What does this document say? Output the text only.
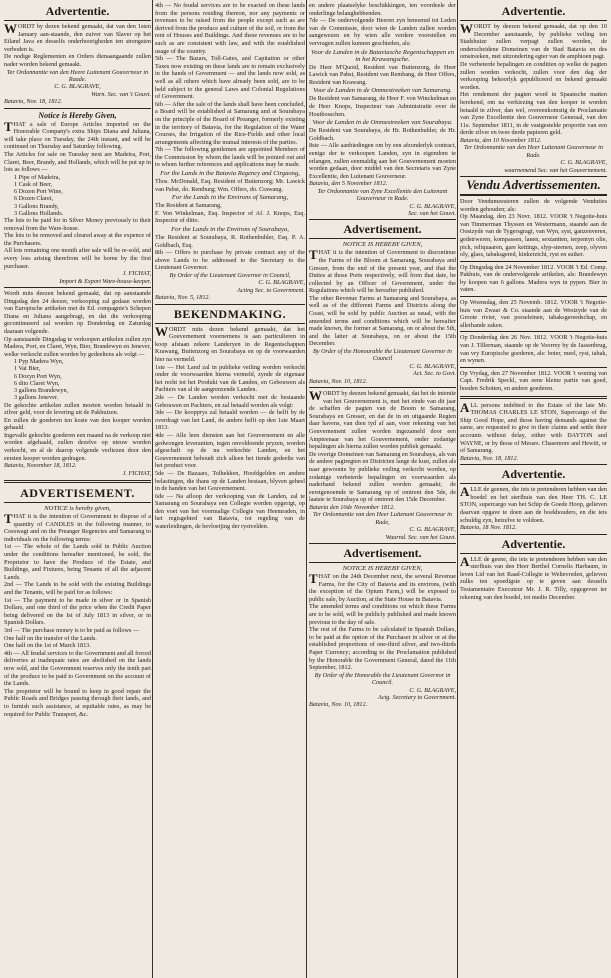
Advertentie.

WORDT by dezen bekend gemaakt, dat van den 1sten January aan-staande, den zuiver van Slaver op het Eiland Java en desselfs onderhoorigheden ten strengsten verboden is.

De nodige Reglementen en Orders dienaangaande zullen nader worden bekend gemaakt.

Ter Ordonnantie van den Heere Luitenant Gouverneur in Raade.
C. G. BLAGRAVE,
Warn. Sec. van 't Gouvt.
Batavia, Nov. 18, 1812.
Notice is Hereby Given,

THAT a sale of Europe Articles imported on the Honorable Company's extra Ships Diana and Juliana, will take place on Tuesday, the 24th instant, and will be continued on Thursday and Saturday following.

The Articles for sale on Tuesday next are Madeira, Port, Claret, Beer, Brandy, and Hollands, which will be put up in lots as follows —

1 Pipe of Madeira,
1 Cask of Beer,
6 Dozen Port Wine,
6 Dozen Claret,
3 Gallons Brandy,
3 Gallons Hollands.

The lots to be paid for in Silver Money previously to their removal from the Ware-house.

The lots to be removed and cleared away at the expence of the Purchasers.

All lots remaining one month after sale will be re-sold, and every loss arising therefrom will be borne by the first purchaser.

J. FICHAT,
Import & Export Ware-house-keeper.

Wordt mits deezen bekend gemaakt, dat op aanstaande Dingsdag den 24 deezer, verkooping zal gedaan worden van Europische artikelen met de Ed. compagnie's Schepen Diana en Juliana aangebragt, en dat die verkooping gecontinueerd zal worden op Donderdag en Zaturdag daaraan volgende.

Op aanstaande Dingsdag te verkoopen artikelen zullen zyn Madera, Port, en Claret, Wyn, Bier, Brandewyn en Jenever, welke verkocht zullen worden by gedeeltens als volgt —

1 Pyp Madera Wyn,
1 Vat Bier,
6 Dozyn Port Wyn,
6 dito Claret Wyn,
3 gallons Brandewyn,
3 gallons Jenever.

De gekochte artikelen zullen moeten worden betaald in zilver geld, voor de levering uit de Pakhuizen.

En zullen de goederen ten koste van den kooper worden gehaald.

Ingevalle gekochte goederen een maand na de verkoop niet worden afgehaald, zullen dezelve op nieuw worden verkocht, en al de daarop volgende verliezen door den eersten kooper worden gedragen.

Batavia, November 18, 1812.
J. FICHAT,
ADVERTISEMENT.
NOTICE is hereby given,

THAT it is the intention of Government to dispose of a quantity of CANDLES in the following manner, to Coeswagt and on the Preanger Regencies and Samarang to individuals on the following terms:

1st — The whole of the Lands sold in Public Auction under the conditions hereafter mentioned, be sold, the Proprietor to have the Produce of the Estate, and Buildings, and Fixtures, being Tenants of all the adjacent Lands.

2nd — The Lands to be sold with the existing Buildings and the Tenants, will be paid for as follows:

1st — The payment to be made in silver or in Spanish Dollars, and one third of the price when the Credit Paper being delivered on the Ist of July 1813 in silver, or in Spanish Dollars.

3rd — The purchase money is to be paid as follows —

One half on the transfer of the Lands.

One half on the 1st of March 1813.

4th — All feudal services to the Government and all forced deliveries at inadequate rates are abolished on the lands now sold, and the Government reserves only the tenth part of the produce to be paid to Government on the account of the Lands.

The proprietor will be bound to keep in good repair the Public Roads and Bridges passing through their lands, and to furnish such assistance, at equitable rates, as may be required for Public Transport, &c.

4th — No feudal services are to be exacted on these lands from the persons residing thereon, nor any payments or revenues to be raised from the people except such as are derived from the produce and culture of the soil, or from the rent of Houses and Buildings. And these revenues are to be such as are consistent with law, and with the established usage of the country.

5th — The Bazars, Toll-Gates, and Capitation or other Taxes now existing on these lands are to remain exclusively in the hands of Government — and the lands now sold, as well as all others which have already been sold, are to be held subject to the general Laws and Colonial Regulations of Government.

6th — After the sale of the lands shall have been concluded, a Board will be established at Samarang and at Sourabaya on the principle of the Board of Preanger, formerly existing in the territory of Batavia, for the Regulation of the Water Courses, the Irrigation of the Rice-Fields and other local arrangements affecting the mutual interests of the parties.

7th — The following gentlemen are appointed Members of the Commission by whom the lands will be pointed out and to whom further references and applications may be made.

For the Lands in the Batavia Regency and Cirgaong,

Thos. McDonald, Esq. Resident of Buitenzorg; Mr. Lawick van Pabst, do. Rentburg; Wm. Offers, do. Crawang.

For the Lands in the Environs of Samarang,

The Resident at Samarang,

F. Von Winkelman, Esq. Inspector of Af. J. Knops, Esq. Inspector of ditto.

For the Lands in the Environs of Sourabaya,

The Resident at Sourabaya, R. Rothenbuhler, Esq. P. A. Goldbach, Esq.

8th — Offers to purchase by private contract any of the above Lands to be addressed to the Secretary to the Lieutenant Governor.

By Order of the Lieutenant Governor in Council,
C. G. BLAGRAVE,
Acting Sec. to Government.
Batavia, Nov. 5, 1812.
BEKENDMAKING.

WORDT mits dezen bekend gemaakt, dat het Gouvernement voornemens is aan particulieren in koop afstaan zekere Landeryen in de Regentschappen Krawang, Buitenzorg en Sourabaya en op de voorwaarden hier na vermeld.

1ste — Het Land zal in publieke veiling worden verkocht onder de voorwaarden hierna vermeld, zynde de eigenaar het recht tot het Produkt van de Landen, en Gebouwen als Pachters van al de aangrenzende Landen.

2de — De Landen worden verkocht met de bestaande Gebouwen en Pachters, en zal betaald worden als volgt:

3de — De koopprys zal betaald worden — de helft by de overdragt van het Land, de andere helft op den 1ste Maart 1813.

4de — Alle leen diensten aan het Gouvernement en alle gedwongen leverantien, tegen onvoldoende pryzen, worden afgeschaft op de nu verkochte Landen, en het Gouvernement behoudt zich alleen het tiende gedeelte van het product voor.

5de — De Bazaars, Tolhekken, Hoofdgelden en andere belastingen, die thans op de Landen bestaan, blyven geheel in de handen van het Gouvernement.

6de — Na afloop der verkooping van de Landen, zal te Samarang en Sourabaya een Collegie worden opgerigt, op den voet van het voormalige Collegie van Heemraden, in het regtsgebied van Batavia, tot regeling van de waterleidingen, de bevloeijing der rystvelden.

en andere plaatselyke beschikkingen, ten voordeele der onderlinge belanghebbenden.

7de — De ondervolgende Heeren zyn benoemd tot Leden van de Commissie, door wien de Landen zullen worden aangewezen en by wien alle verdere voorstellen en vervragen zullen kunnen geschieden, als:

Voor de Landen in de Bataviasche Regentschappen en in het Krawangsche.

De Heer M'Quoid, Resident van Buitenzorg, de Heer Lawick van Pabst, Resident van Rembang, de Heer Offers, Resident van Krawang.

Voor de Landen in de Ommestreeken van Samarang.

De Resident van Samarang, de Heer F. von Winckelman en de Heer Knops, Inspecteur van Administratie over de Houtbosschen.

Voor de Landen in de Ommestreeken van Sourabaya.

De Resident van Sourabaya, de Hr. Rothenbuhler, de Hr. Goldbach.

8ste — Alle aanbiedingen om by een afzonderlyk contract, eenige der te verkoopen Landen, zyn in eigendom te erlangen, zullen eenmaldig aan het Gouvernement moeten worden gedaan, door middel van den Secretaris van Zyne Excellentie, den Luitenant Gouverneur.

Batavia, den 5 November 1812.
Ter Ordonnantie van Zyne Excellentie den Luitenant Gouverneur in Rade.
C. G. BLAGRAVE,
Sec. van het Gouvt.
Advertisement.
NOTICE IS HEREBY GIVEN,

THAT it is the intention of Government to discontinue the Farms of the Bloom at Samarang, Sourabaya and Gresser, from the end of the present year, and that the Duties at those Ports respectively, will from that date, be collected by an Officer of Government, under the Regulations which will be hereafter published.

The other Revenue Farms at Samarang and Sourabaya, as well as of the different Farms and Districts along the Coast, will be sold by public Auction as usual, with the amended terms and conditions which will be hereafter made known, the former at Samarang, on or about the 5th, and the latter at Sourabaya, on or about the 15th December.

By Order of the Honourable the Lieutenant Governor in Council
C. G. BLAGRAVE,
Act. Sec. to Govt.
Batavia, Nov. 10, 1812.

WORDT by deezen bekend gemaakt, dat het de intentie van het Gouvernement is, met het einde van dit jaar de schaffen de pagten van de Boom te Samarang, Sourabaya en Gresser, en dat de in en uitgaande Regten daar havens, van dien tyd af aan, voor rekening van het Gouvernement zullen worden ingezameld door een Ampteenaar van het Gouvernement, onder zodanige bepalingen als hierna zullen worden publiek gemaakt.

De overige Domeinen van Samarang en Sourabaya, als van de andere pagtregten en Districten lange de kust, zullen als naar gewoonte by publieke veiling verkocht worden, op zodanige verbeterde bepalingen en voorwaarden als naderhand bekend zullen worden gemaakt; de eerstgenoemde te Samarang op of omtrent den 5de, de laatste te Sourabaya op of omtrent den 15de December.

Batavia den 10de November 1812.
Ter Ordonnantie van den Heer Luitenant Gouverneur in Rade,
C. G. BLAGRAVE,
Waarnd. Sec. van het Gouvt.
Advertisement.
NOTICE IS HEREBY GIVEN,

THAT on the 24th December next, the several Revenue Farms, for the City of Batavia and its environs, (with the exception of the Opium Farm,) will be exposed to public sale, by Auction, at the State House in Batavia.

The amended terms and conditions on which these Farms are to be sold, will be publicly published and made known previous to the day of sale.

The rest of the Farms to be calculated in Spanish Dollars, to be paid at the option of the Purchaser in silver or at the established proportions of one-third silver, and two-thirds Paper Currency; according to the Proclamation published by the Honorable the Government General, dated the 11th September, 1812.

By Order of the Honorable the Lieutenant Governor in Council.
C. G. BLAGRAVE,
Actg. Secretary to Government.
Batavia, Nov. 10, 1812.
Advertentie.

WORDT by deezen bekend gemaakt, dat op den 10 December aanstaande, by publieke veiling ten Stadshuize zullen verpagt zullen worden, de onderscheidene Domeinen van de Stad Batavia en des omstreeken, met uitzondering egter van de amphioen pagt.

De verbeterde bepalingen en conditien op welke de pagten zullen worden verkocht, zullen voor den dag der verkooping behoorlyk gepubliceerd en bekend gemaakt worden.

Het rendement der pagten word in Spaansche matten berekend, om na verkiezing van den kooper te worden betaald in zilver, dan wel, overeenkomstig de Proclamatie van Zyne Excellentie den Gouverneur Generaal, van den 11e. September 1811, in de vastgestelde proportie van een derde zilver en twee derde papieren geld.

Batavia, den 10 November 1812.
Ter Ordonnantie van den Heer Luitenant Gouverneur in Rade.
C. G. BLAGRAVE,
waarnemend Sec. van het Gouvernement.
Vendu Advertissementen.

Door Vendumeesteren zullen de volgende Venduties worden gehouden; als:

Op Maandag, den 23 Novr. 1812. VOOR 't Negotie-huis van Timmerman Thyssen en Westermann, staande aan de Oostzyde van de Tygersgragt, van Wyn, syst, ganzenveren, gedstrweren, kompassen, lanen, sextantten, terpentyn olie, pick, reliquaaren, gare kettings, slyp-steenen, zeep, olyven oly, glass, tabaksgered, kinkerzicht, ryst en suiker.

Op Dingsdag den 24 November 1812. VOOR 't Ed. Comp. Pakhuis, van de ondervolgende artikelen, als: Brandewyn by koopen van 6 gallons. Madera wyn in pypen. Bier in vaten.

Op Woensdag, den 25 Novemb. 1812. VOOR 't Negotie-huis van Zwaar & Co. staande aan de Westzyde van de Groote rivier, van porseleinen, tabaksgereedschap, en allerhande zaken.

Op Donderdag den 26 Nov. 1812. VOOR 't Negotie-huis van J. Tillerman, staande op de Voorrey by de Jassenbrug, van vry Europische goederen, als: boter, meel, ryst, tabak, en wynen.

Op Vrydag, den 27 November 1812. VOOR 't woning van Capt. Fredrik Speckl, van eene kleine partie van goed, hoeden Schotten, en andere goederen.

ALL persons indebted to the Estate of the late Mr. THOMAS CHARLES LE STON, Supercargo of the Ship Good Hope, and those having demands against the same, are requested to give in their claims and settle their accounts without delay, either with DAYTON and WAYNE, or by those of Messrs. Chasemore and Hewitt, or of Samarang.

Batavia, Nov. 18, 1812.
Advertentie.

ALLE de geenen, die iets te pretenderen hebben van den boedel en het sterfhuis van den Heer TH. C. LE STON, supercargo van het Schip de Goede Hoop, gelieven daarvan opgave te doen aan de boekhouders, en die iets schuldig zyn, hetzelve te voldoen.

Batavia, 18 Nov. 1812.
Advertentie.

ALLE de geene, die iets te pretenderen hebben van den sterfhuis van den Heer Berthel Cornelis Harbaum, in leven Lid van het Raad-Collegie te Weltevreden, gelieven zulks ten spoedigste op te geven aan desselfs Testamentaire Executeur Mr. J. R. Tilly, opgegeven ter rekening van den boedel, tot medio December.
